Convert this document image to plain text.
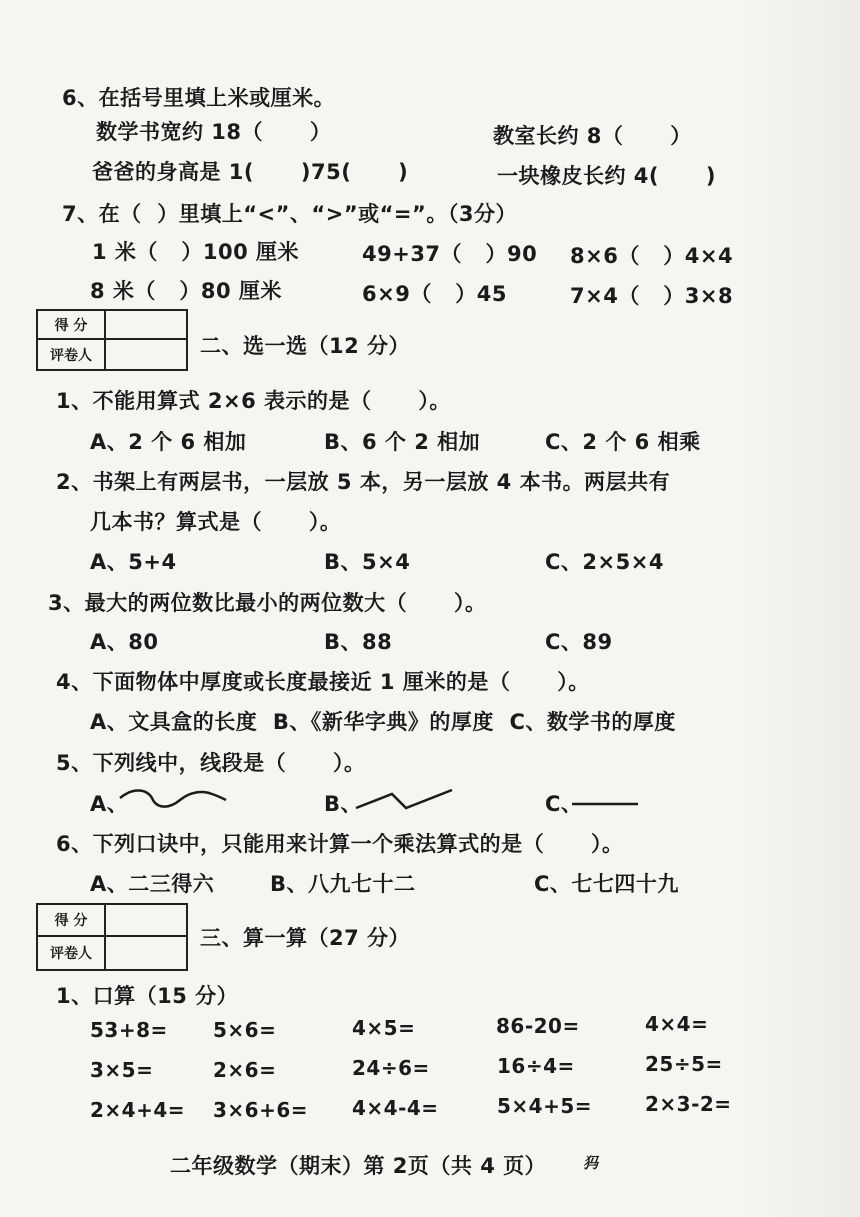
6、在括号里填上米或厘米。
数学书宽约 18（      ）	教室长约 8（      ）
爸爸的身高是 1(      )75(      )	一块橡皮长约 4(      )
7、在（  ）里填上“<”、“>”或“=”。（3分）
1 米（   ）100 厘米	49+37（   ）90 8×6（   ）4×4
8 米（   ）80 厘米	6×9（   ）45	7×4（   ）3×8
得 分
评卷人	二、选一选（12 分）
1、不能用算式 2×6 表示的是（      ）。
A、2 个 6 相加	B、6 个 2 相加	C、2 个 6 相乘
2、书架上有两层书，一层放 5 本，另一层放 4 本书。两层共有
几本书？算式是（      ）。
A、5+4	B、5×4	C、2×5×4
3、最大的两位数比最小的两位数大（      ）。
A、80	B、88	C、89
4、下面物体中厚度或长度最接近 1 厘米的是（      ）。
A、文具盒的长度  B、《新华字典》的厚度  C、数学书的厚度
5、下列线中，线段是（      ）。
A、	B、	C、
6、下列口诀中，只能用来计算一个乘法算式的是（      ）。
A、二三得六	B、八九七十二	C、七七四十九
得 分
评卷人
三、算一算（27 分）
1、口算（15 分）
53+8= 5×6=	4×5=	86-20=	4×4=
3×5=	2×6=	24÷6=	16÷4=	25÷5=
2×4+4= 3×6+6= 4×4-4=	5×4+5=	2×3-2=
二年级数学（期末）第 2页（共 4 页） 犸
